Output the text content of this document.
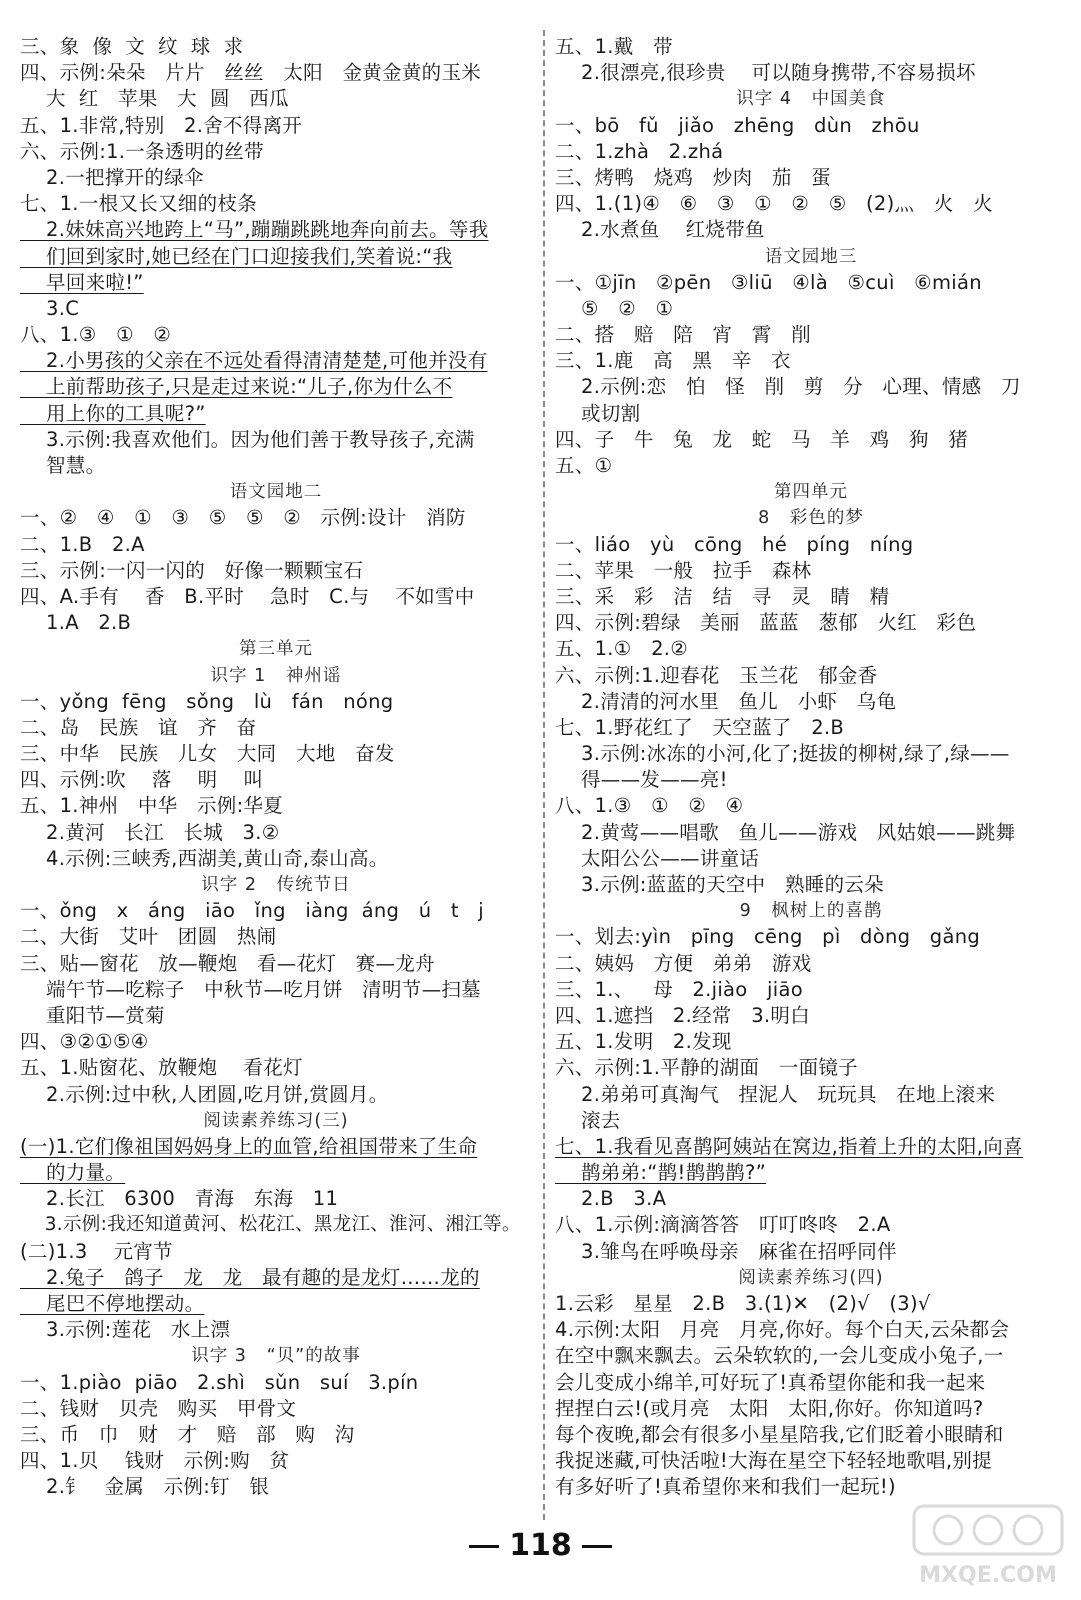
三、象  像  文  纹  球  求
四、示例:朵朵   片片   丝丝   太阳   金黄金黄的玉米
大  红   苹果   大  圆   西瓜
五、1.非常,特别   2.舍不得离开
六、示例:1.一条透明的丝带
2.一把撑开的绿伞
七、1.一根又长又细的枝条
2.妹妹高兴地跨上“马”,蹦蹦跳跳地奔向前去。等我
们回到家时,她已经在门口迎接我们,笑着说:“我
早回来啦!”
3.C
八、1.③   ①   ②
2.小男孩的父亲在不远处看得清清楚楚,可他并没有
上前帮助孩子,只是走过来说:“儿子,你为什么不
用上你的工具呢?”
3.示例:我喜欢他们。因为他们善于教导孩子,充满
智慧。
语文园地二
一、②   ④   ①   ③   ⑤   ⑤   ②   示例:设计   消防
二、1.B   2.A
三、示例:一闪一闪的   好像一颗颗宝石
四、A.手有    香   B.平时    急时   C.与    不如雪中
1.A   2.B
第三单元
识字 1   神州谣
一、yǒng  fēng   sǒng   lù   fán   nóng
二、岛   民族   谊   齐   奋
三、中华   民族   儿女   大同   大地   奋发
四、示例:吹    落    明    叫
五、1.神州   中华   示例:华夏
2.黄河   长江   长城   3.②
4.示例:三峡秀,西湖美,黄山奇,泰山高。
识字 2   传统节日
一、ǒng   x   áng   iāo   ǐng   iàng  áng   ú   t   j
二、大街   艾叶   团圆   热闹
三、贴—窗花   放—鞭炮   看—花灯   赛—龙舟
端午节—吃粽子   中秋节—吃月饼   清明节—扫墓
重阳节—赏菊
四、③②①⑤④
五、1.贴窗花、放鞭炮    看花灯
2.示例:过中秋,人团圆,吃月饼,赏圆月。
阅读素养练习(三)
(一)1.它们像祖国妈妈身上的血管,给祖国带来了生命
的力量。
2.长江   6300   青海   东海   11
3.示例:我还知道黄河、松花江、黑龙江、淮河、湘江等。
(二)1.3    元宵节
2.兔子   鸽子   龙   龙   最有趣的是龙灯……龙的
尾巴不停地摆动。
3.示例:莲花   水上漂
识字 3   “贝”的故事
一、1.piào  piāo   2.shì   sǔn   suí   3.pín
二、钱财   贝壳   购买   甲骨文
三、币   巾   财   才   赔   部   购   沟
四、1.贝    钱财   示例:购   贫
2.钅   金属   示例:钉   银
五、1.戴   带
2.很漂亮,很珍贵    可以随身携带,不容易损坏
识字 4   中国美食
一、bō   fǔ   jiǎo   zhēng   dùn   zhōu
二、1.zhà   2.zhá
三、烤鸭   烧鸡   炒肉   茄   蛋
四、1.(1)④   ⑥   ③   ①   ②   ⑤   (2)灬   火   火
2.水煮鱼    红烧带鱼
语文园地三
一、①jīn   ②pēn   ③liū   ④là   ⑤cuì   ⑥mián
⑤   ②   ①
二、搭   赔   陪   宵   霄   削
三、1.鹿   高   黑   辛   衣
2.示例:恋   怕   怪   削   剪   分   心理、情感   刀
或切割
四、子   牛   兔   龙   蛇   马   羊   鸡   狗   猪
五、①
第四单元
8   彩色的梦
一、liáo   yù   cōng   hé   píng   níng
二、苹果   一般   拉手   森林
三、采   彩   洁   结   寻   灵   睛   精
四、示例:碧绿   美丽   蓝蓝   葱郁   火红   彩色
五、1.①   2.②
六、示例:1.迎春花   玉兰花   郁金香
2.清清的河水里   鱼儿   小虾   乌龟
七、1.野花红了   天空蓝了   2.B
3.示例:冰冻的小河,化了;挺拔的柳树,绿了,绿——
得——发——亮!
八、1.③   ①   ②   ④
2.黄莺——唱歌   鱼儿——游戏   风姑娘——跳舞
太阳公公——讲童话
3.示例:蓝蓝的天空中   熟睡的云朵
9   枫树上的喜鹊
一、划去:yìn   pīng   cēng   pì   dòng   gǎng
二、姨妈   方便   弟弟   游戏
三、1.、   母   2.jiào   jiāo
四、1.遮挡   2.经常   3.明白
五、1.发明   2.发现
六、示例:1.平静的湖面   一面镜子
2.弟弟可真淘气   捏泥人   玩玩具   在地上滚来
滚去
七、1.我看见喜鹊阿姨站在窝边,指着上升的太阳,向喜
鹊弟弟:“鹊!鹊鹊鹊?”
2.B   3.A
八、1.示例:滴滴答答   叮叮咚咚   2.A
3.雏鸟在呼唤母亲   麻雀在招呼同伴
阅读素养练习(四)
1.云彩   星星   2.B   3.(1)✕   (2)√   (3)√
4.示例:太阳   月亮   月亮,你好。每个白天,云朵都会
在空中飘来飘去。云朵软软的,一会儿变成小兔子,一
会儿变成小绵羊,可好玩了!真希望你能和我一起来
捏捏白云!(或月亮   太阳   太阳,你好。你知道吗?
每个夜晚,都会有很多小星星陪我,它们眨着小眼睛和
我捉迷藏,可快活啦!大海在星空下轻轻地歌唱,别提
有多好听了!真希望你来和我们一起玩!)
118
MXQE.COM
